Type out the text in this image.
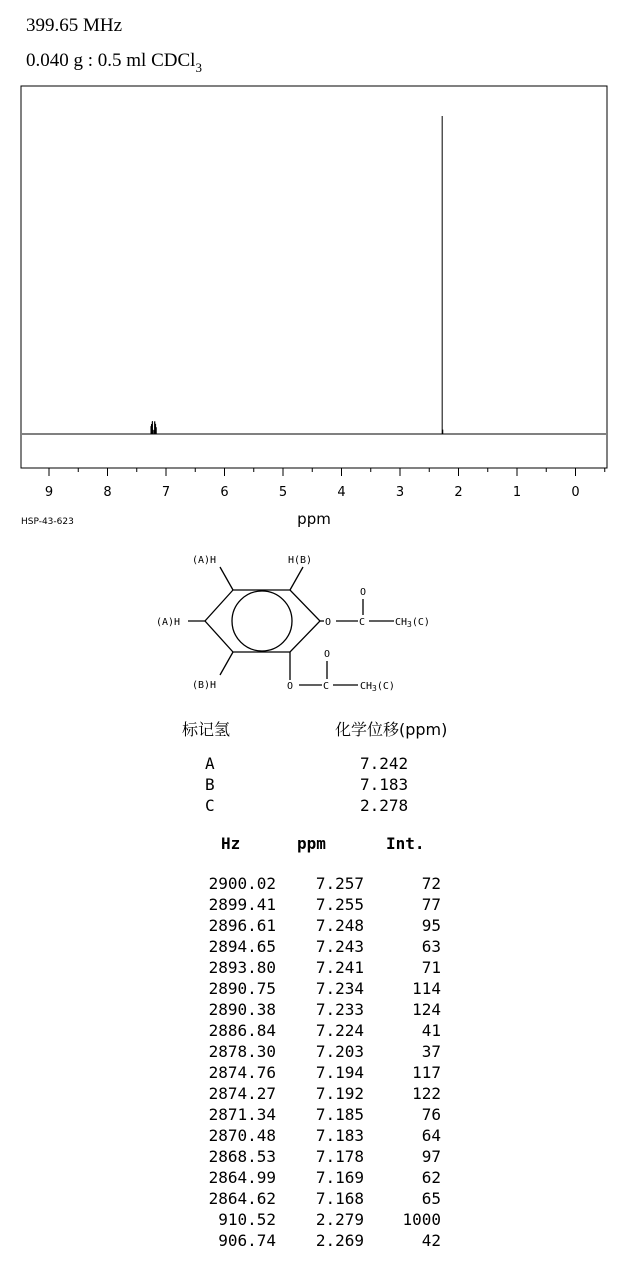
399.65 MHz
0.040 g : 0.5 ml CDCl$_3$
9	8	7	6	5	4	3	2	1	0
ppm
HSP-43-623
(A)H	H(B)
(A)H
(B)H
O
O
O
O
C
C
$CH_3(C)$
$CH_3(C)$
标记氢	化学位移(ppm)
A	7.242
B	7.183
C	2.278
Hz	ppm	Int.
2900.02	7.257	72
2899.41	7.255	77
2896.61	7.248	95
2894.65	7.243	63
2893.80	7.241	71
2890.75	7.234	114
2890.38	7.233	124
2886.84	7.224	41
2878.30	7.203	37
2874.76	7.194	117
2874.27	7.192	122
2871.34	7.185	76
2870.48	7.183	64
2868.53	7.178	97
2864.99	7.169	62
2864.62	7.168	65
910.52	2.279	1000
906.74	2.269	42
